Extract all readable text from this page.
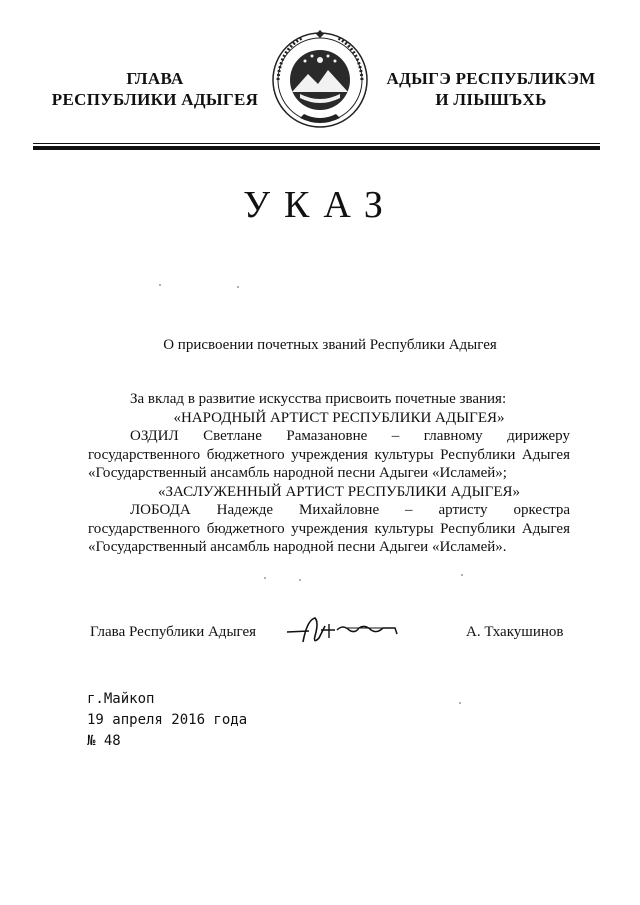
ГЛАВА
РЕСПУБЛИКИ АДЫГЕЯ
АДЫГЭ РЕСПУБЛИКЭМ
И ЛІЫШЪХЬ
УКАЗ
О присвоении почетных званий Республики Адыгея

За вклад в развитие искусства присвоить почетные звания:

«НАРОДНЫЙ АРТИСТ РЕСПУБЛИКИ АДЫГЕЯ»

ОЗДИЛ Светлане Рамазановне – главному дирижеру государственного бюджетного учреждения культуры Республики Адыгея «Государственный ансамбль народной песни Адыгеи «Исламей»;

«ЗАСЛУЖЕННЫЙ АРТИСТ РЕСПУБЛИКИ АДЫГЕЯ»

ЛОБОДА Надежде Михайловне – артисту оркестра государственного бюджетного учреждения культуры Республики Адыгея «Государственный ансамбль народной песни Адыгеи «Исламей».

Глава Республики Адыгея	А. Тхакушинов
г.Майкоп
19 апреля 2016 года
№ 48
